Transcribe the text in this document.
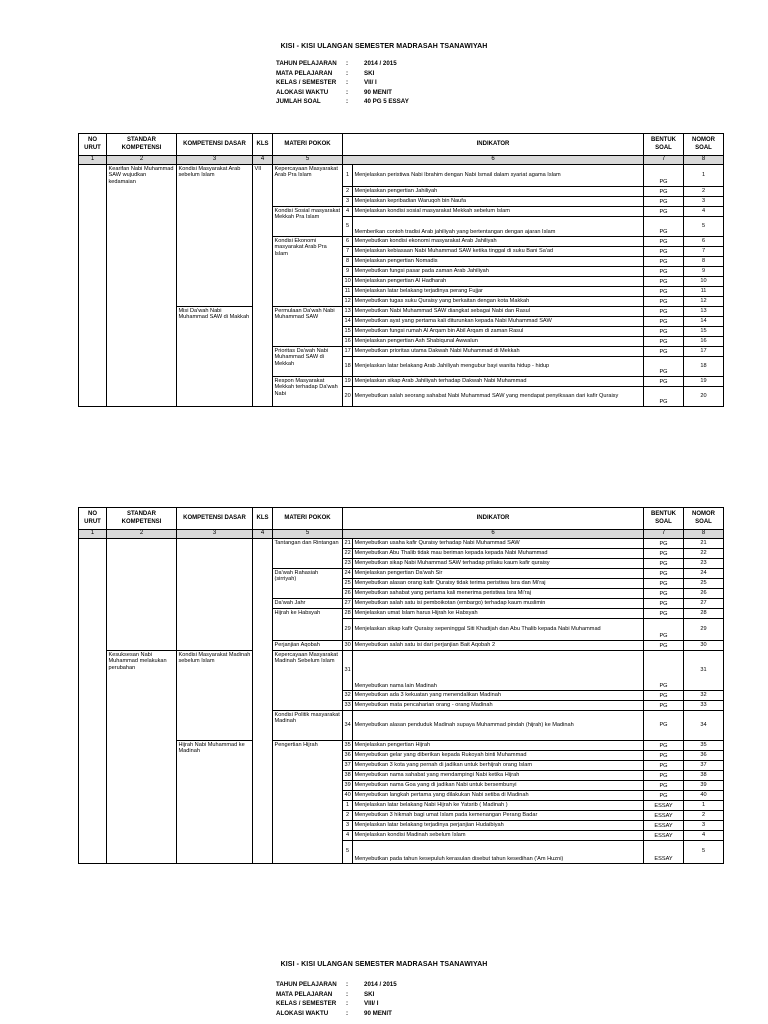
KISI - KISI ULANGAN SEMESTER MADRASAH TSANAWIYAH
TAHUN PELAJARAN :	2014 / 2015
MATA PELAJARAN :	SKI
KELAS / SEMESTER :	VII/ I
ALOKASI WAKTU	:	90 MENIT
JUMLAH SOAL	:	40 PG 5 ESSAY
NO URUT	STANDAR KOMPETENSI	KOMPETENSI DASAR	KLS	MATERI POKOK	INDIKATOR		BENTUK SOAL	NOMOR SOAL
1	2	3	4	5	6		7	8
	Kearifan Nabi Muhammad SAW wujudkan kedamaian	Kondisi Masyarakat Arab sebelum Islam	VII	Kepercayaan Masyarakat Arab Pra Islam	1	Menjelaskan peristiwa Nabi Ibrahim dengan Nabi Ismail dalam syariat agama Islam	PG	1
					2	Menjelaskan pengertian Jahiliyah	PG	2
					3	Menjelaskan kepribadian Waruqoh bin Naufa	PG	3
				Kondisi Sosial masyarakat Mekkah Pra Islam	4	Menjelaskan kondisi sosial masyarakat Mekkah sebelum Islam	PG	4
					5	Memberikan contoh tradisi Arab jahiliyah yang bertentangan dengan ajaran Islam	PG	5
				Kondisi Ekonomi masyarakat Arab Pra Islam	6	Menyebutkan kondisi ekonomi masyarakat Arab Jahiliyah	PG	6
					7	Menjelaskan kebiasaan Nabi Muhammad SAW ketika tinggal di suku Bani Sa'ad	PG	7
					8	Menjelaskan pengertian Nomadis	PG	8
					9	Menyebutkan fungsi pasar pada zaman Arab Jahiliyah	PG	9
					10	Menjelaskan pengertian Al Hadharah	PG	10
					11	Menjelaskan latar belakang terjadinya perang Fujjar	PG	11
					12	Menyebutkan tugas suku Quraisy yang berkaitan dengan kota Makkah	PG	12
		Misi Da'wah Nabi Muhammad SAW di Makkah		Permulaan Da'wah Nabi Muhammad SAW	13	Menyebutkan Nabi Muhammad SAW diangkat sebagai Nabi dan Rasul	PG	13
					14	Menyebutkan ayat yang pertama kali diturunkan kepada Nabi Muhammad SAW	PG	14
					15	Menyebutkan fungsi rumah Al Arqam bin Abil Arqam di zaman Rasul	PG	15
					16	Menjelaskan pengertian Ash Shabiqunal Awwalun	PG	16
				Prioritas Da'wah Nabi Muhammad SAW di Mekkah	17	Menyebutkan prioritas utama Dakwah Nabi Muhammad di Mekkah	PG	17
					18	Menjelaskan latar belakang Arab Jahiliyah mengubur bayi wanita hidup - hidup	PG	18
				Respon Masyarakat Mekkah terhadap Da'wah Nabi	19	Menjelaskan sikap Arab Jahiliyah terhadap Dakwah Nabi Muhammad	PG	19
					20	Menyebutkan salah seorang sahabat Nabi Muhammad SAW yang mendapat penyiksaan dari kafir Quraisy	PG	20
NO URUT	STANDAR KOMPETENSI	KOMPETENSI DASAR	KLS	MATERI POKOK	INDIKATOR		BENTUK SOAL	NOMOR SOAL
1	2	3	4	5	6		7	8
				Tantangan dan Rintangan	21	Menyebutkan usaha kafir Quraisy terhadap Nabi Muhammad SAW	PG	21
					22	Menyebutkan Abu Thalib tidak mau beriman kepada kepada Nabi Muhammad	PG	22
					23	Menyebutkan sikap Nabi Muhammad SAW terhadap prilaku kaum kafir quraisy	PG	23
				Da'wah Rahasiah (sirriyah)	24	Menjelaskan pengertian Da'wah Sir	PG	24
					25	Menyebutkan alasan orang kafir Quraisy tidak terima peristiwa Isra dan Mi'raj	PG	25
					26	Menyebutkan sahabat yang pertama kali menerima peristiwa Isra Mi'raj	PG	26
				Da'wah Jahr	27	Menyebutkan salah satu isi pemboikotan (embargo) terhadap kaum muslimin	PG	27
				Hijrah ke Habsyah	28	Menjelaskan umat Islam harus Hijrah ke Habsyah	PG	28
					29	Menjelaskan sikap kafir Quraisy sepeninggal Siti Khadijah dan Abu Thalib kepada Nabi Muhammad	PG	29
				Perjanjian Aqobah	30	Menyebutkan salah satu isi dari perjanjian Bait Aqobah 2	PG	30
	Kesuksesan Nabi Muhammad melakukan perubahan	Kondisi Masyarakat Madinah sebelum Islam		Kepercayaan Masyarakat Madinah Sebelum Islam	31	Menyebutkan nama lain Madinah	PG	31
					32	Menyebutkan ada 3 kekuatan yang menendalikan Madinah	PG	32
					33	Menyebutkan mata pencaharian orang - orang Madinah	PG	33
				Kondisi Politik masyarakat Madinah	34	Menyebutkan alasan penduduk Madinah supaya Muhammad pindah (hijrah) ke Madinah	PG	34
		Hijrah Nabi Muhammad ke Madinah		Pengertian Hijrah	35	Menjelaskan pengertian Hijrah	PG	35
					36	Menyebutkan gelar yang diberikan kepada Rukoyah binti Muhammad	PG	36
					37	Menyebutkan 3 kota yang pernah di jadikan untuk berhijrah orang Islam	PG	37
					38	Menyebutkan nama sahabat yang mendampingi Nabi ketika Hijrah	PG	38
					39	Menyebutkan nama Goa yang di jadikan Nabi untuk bersembunyi	PG	39
					40	Menyebutkan langkah pertama yang dilakukan Nabi setiba di Madinah	PG	40
					1	Menjelaskan latar belakang Nabi Hijrah ke Yatsrib ( Madinah )	ESSAY	1
					2	Menyebutkan 3 hikmah bagi umat Islam pada kemenangan Perang Badar	ESSAY	2
					3	Menjelaskan latar belakang terjadinya perjanjian Hudaibiyah	ESSAY	3
					4	Menjelaskan kondisi Madinah sebelum Islam	ESSAY	4
					5	Menyebutkan pada tahun kesepuluh kerasulan disebut tahun kesedihan ('Am Huzni)	ESSAY	5
KISI - KISI ULANGAN SEMESTER MADRASAH TSANAWIYAH
TAHUN PELAJARAN :	2014 / 2015
MATA PELAJARAN :	SKI
KELAS / SEMESTER :	VIII/ I
ALOKASI WAKTU	:	90 MENIT
